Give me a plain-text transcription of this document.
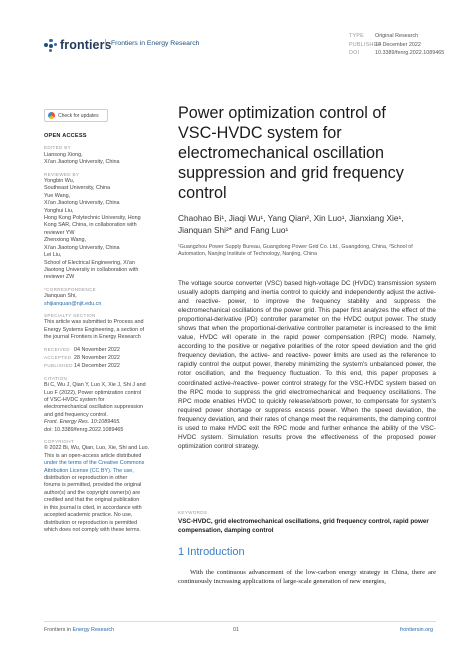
frontiers Frontiers in Energy Research
TYPE Original Research
PUBLISHED14 December 2022
DOI	10.3389/fenrg.2022.1089465
Check for updates
OPEN ACCESS
EDITED BY
Liansong Xiong,
Xi'an Jiaotong University, China
REVIEWED BY
Yongbin Wu,
Southeast University, China
Yue Wang,
Xi'an Jiaotong University, China
Yonghui Liu,
Hong Kong Polytechnic University, Hong
Kong SAR, China, in collaboration with
reviewer YW
Zhenxiong Wang,
Xi'an Jiaotong University, China
Lei Liu,
School of Electrical Engineering, Xi'an
Jiaotong University in collaboration with
reviewer ZW
*CORRESPONDENCE
Jianquan Shi,
shijianquan@njit.edu.cn
SPECIALTY SECTION
This article was submitted to Process and
Energy Systems Engineering, a section of
the journal Frontiers in Energy Research
RECEIVED 04 November 2022
ACCEPTED 28 November 2022
PUBLISHED14 December 2022
CITATION
Bi C, Wu J, Qian Y, Luo X, Xie J, Shi J and
Luo F (2022), Power optimization control
of VSC-HVDC system for
electromechanical oscillation suppression
and grid frequency control.
Front. Energy Res. 10:1089465.
doi: 10.3389/fenrg.2022.1089465
COPYRIGHT
© 2022 Bi, Wu, Qian, Luo, Xie, Shi and Luo.
This is an open-access article distributed
under the terms of the Creative Commons
Attribution License (CC BY). The use,
distribution or reproduction in other
forums is permitted, provided the original
author(s) and the copyright owner(s) are
credited and that the original publication
in this journal is cited, in accordance with
accepted academic practice. No use,
distribution or reproduction is permitted
which does not comply with these terms.
Power optimization control of VSC-HVDC system for electromechanical oscillation suppression and grid frequency control
Chaohao Bi¹, Jiaqi Wu¹, Yang Qian², Xin Luo¹, Jianxiang Xie¹,
Jianquan Shi²* and Fang Luo¹
¹Guangzhou Power Supply Bureau, Guangdong Power Grid Co. Ltd., Guangdong, China, ²School of Automation, Nanjing Institute of Technology, Nanjing, China

The voltage source converter (VSC) based high-voltage DC (HVDC) transmission system usually adopts damping and inertia control to quickly and independently adjust the active- and reactive- power, to improve the frequency stability and suppress the electromechanical oscillations of the power grid. This paper first analyzes the effect of the proportional-derivative (PD) controller parameter on the HVDC output power. The study shows that when the proportional-derivative controller parameter is increased to the limit value, HVDC will operate in the rapid power compensation (RPC) mode. Namely, according to the positive or negative polarities of the rotor speed deviation and the grid frequency deviation, the active- and reactive- power limits are used as the reference to rapidly control the output power, thereby minimizing the system's unbalanced power, the rotor oscillation, and the frequency fluctuation. To this end, this paper proposes a coordinated active-/reactive- power control strategy for the VSC-HVDC system based on the RPC mode to suppress the grid electromechanical and frequency oscillations. The RPC mode enables HVDC to quickly release/absorb power, to compensate for system's required power shortage or suppress excess power. When the speed deviation, the frequency deviation, and their rates of change meet the requirements, the damping control is used to make HVDC exit the RPC mode and further enhance the ability of the VSC-HVDC system. Simulation results prove the effectiveness of the proposed power optimization control strategy.

KEYWORDS
VSC-HVDC, grid electromechanical oscillations, grid frequency control, rapid power compensation, damping control
1 Introduction

With the continuous advancement of the low-carbon energy strategy in China, there are continuously increasing applications of large-scale generation of new energies,

Frontiers in Energy Research	01	frontiersin.org
